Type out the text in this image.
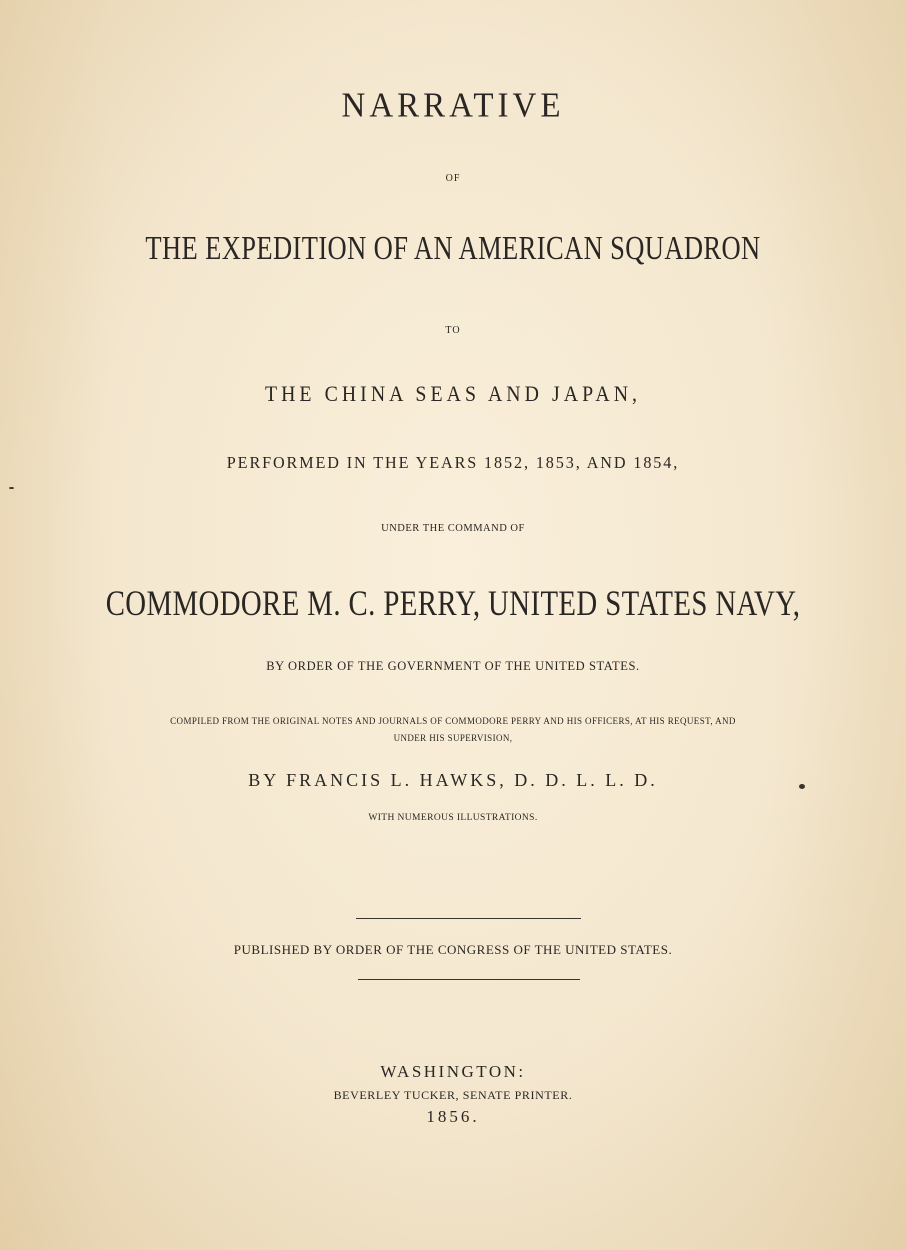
NARRATIVE
OF
THE EXPEDITION OF AN AMERICAN SQUADRON
TO
THE CHINA SEAS AND JAPAN,
PERFORMED IN THE YEARS 1852, 1853, AND 1854,
UNDER THE COMMAND OF
COMMODORE M. C. PERRY, UNITED STATES NAVY,
BY ORDER OF THE GOVERNMENT OF THE UNITED STATES.
COMPILED FROM THE ORIGINAL NOTES AND JOURNALS OF COMMODORE PERRY AND HIS OFFICERS, AT HIS REQUEST, AND
UNDER HIS SUPERVISION,
BY FRANCIS L. HAWKS, D. D. L. L. D.
WITH NUMEROUS ILLUSTRATIONS.
PUBLISHED BY ORDER OF THE CONGRESS OF THE UNITED STATES.
WASHINGTON:
BEVERLEY TUCKER, SENATE PRINTER.
1856.
